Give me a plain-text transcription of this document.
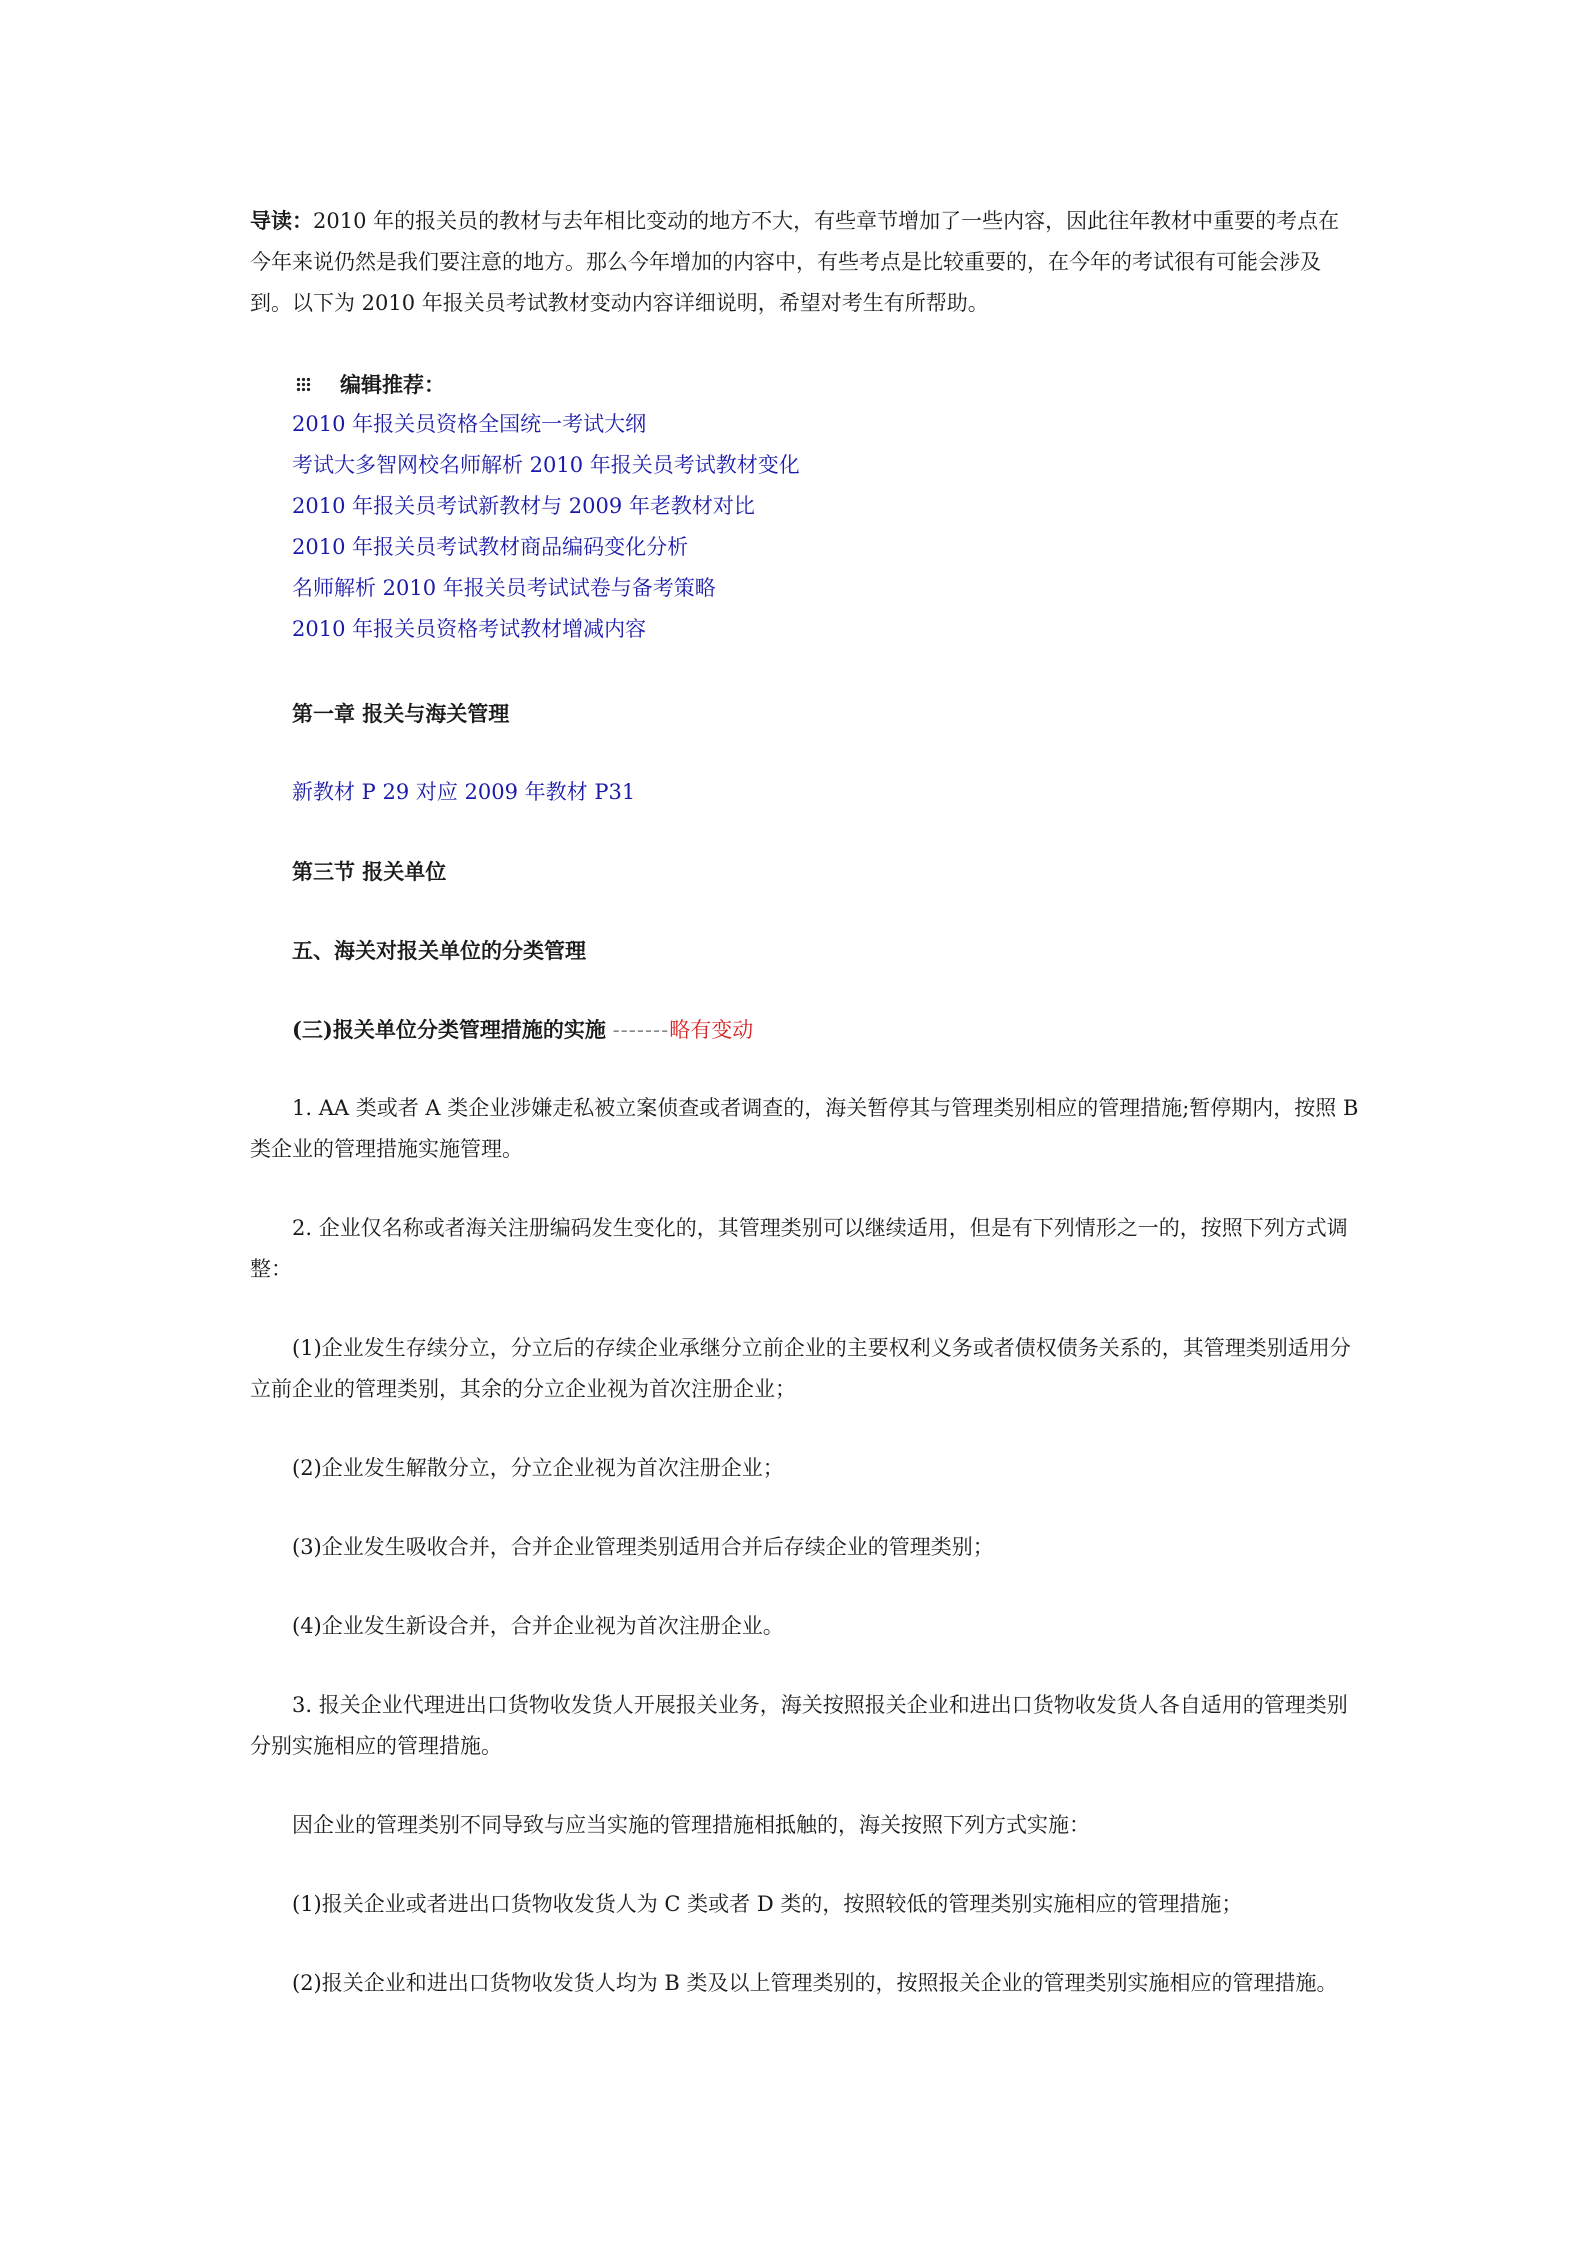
导读：2010 年的报关员的教材与去年相比变动的地方不大，有些章节增加了一些内容，因此往年教材中重要的考点在今年来说仍然是我们要注意的地方。那么今年增加的内容中，有些考点是比较重要的，在今年的考试很有可能会涉及到。以下为 2010 年报关员考试教材变动内容详细说明，希望对考生有所帮助。

编辑推荐：
2010 年报关员资格全国统一考试大纲
考试大多智网校名师解析 2010 年报关员考试教材变化
2010 年报关员考试新教材与 2009 年老教材对比
2010 年报关员考试教材商品编码变化分析
名师解析 2010 年报关员考试试卷与备考策略
2010 年报关员资格考试教材增减内容

第一章 报关与海关管理

新教材 P 29 对应 2009 年教材 P31

第三节 报关单位

五、海关对报关单位的分类管理

(三)报关单位分类管理措施的实施 -------略有变动

1. AA 类或者 A 类企业涉嫌走私被立案侦查或者调查的，海关暂停其与管理类别相应的管理措施;暂停期内，按照 B 类企业的管理措施实施管理。

2. 企业仅名称或者海关注册编码发生变化的，其管理类别可以继续适用，但是有下列情形之一的，按照下列方式调整：

(1)企业发生存续分立，分立后的存续企业承继分立前企业的主要权利义务或者债权债务关系的，其管理类别适用分立前企业的管理类别，其余的分立企业视为首次注册企业；

(2)企业发生解散分立，分立企业视为首次注册企业；

(3)企业发生吸收合并，合并企业管理类别适用合并后存续企业的管理类别；

(4)企业发生新设合并，合并企业视为首次注册企业。

3. 报关企业代理进出口货物收发货人开展报关业务，海关按照报关企业和进出口货物收发货人各自适用的管理类别分别实施相应的管理措施。

因企业的管理类别不同导致与应当实施的管理措施相抵触的，海关按照下列方式实施：

(1)报关企业或者进出口货物收发货人为 C 类或者 D 类的，按照较低的管理类别实施相应的管理措施；

(2)报关企业和进出口货物收发货人均为 B 类及以上管理类别的，按照报关企业的管理类别实施相应的管理措施。
